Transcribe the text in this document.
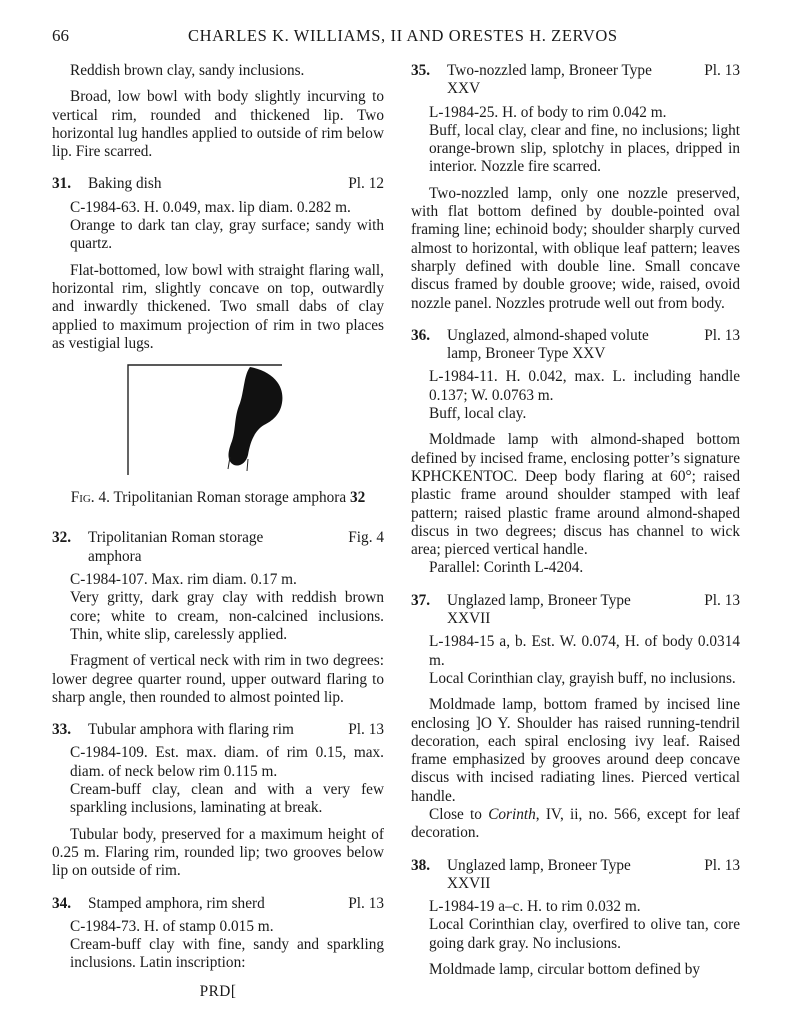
66	CHARLES K. WILLIAMS, II AND ORESTES H. ZERVOS

Reddish brown clay, sandy inclusions.

Broad, low bowl with body slightly incurving to vertical rim, rounded and thickened lip. Two horizontal lug handles applied to outside of rim below lip. Fire scarred.

31. Baking dish	Pl. 12

C-1984-63. H. 0.049, max. lip diam. 0.282 m.

Orange to dark tan clay, gray surface; sandy with quartz.

Flat-bottomed, low bowl with straight flaring wall, horizontal rim, slightly concave on top, outwardly and inwardly thickened. Two small dabs of clay applied to maximum projection of rim in two places as vestigial lugs.

Fig. 4. Tripolitanian Roman storage amphora 32

32. Tripolitanian Roman storage	Fig. 4

amphora

C-1984-107. Max. rim diam. 0.17 m.

Very gritty, dark gray clay with reddish brown core; white to cream, non-calcined inclusions. Thin, white slip, carelessly applied.

Fragment of vertical neck with rim in two degrees: lower degree quarter round, upper outward flaring to sharp angle, then rounded to almost pointed lip.

33. Tubular amphora with flaring rim	Pl. 13

C-1984-109. Est. max. diam. of rim 0.15, max. diam. of neck below rim 0.115 m.

Cream-buff clay, clean and with a very few sparkling inclusions, laminating at break.

Tubular body, preserved for a maximum height of 0.25 m. Flaring rim, rounded lip; two grooves below lip on outside of rim.

34. Stamped amphora, rim sherd	Pl. 13

C-1984-73. H. of stamp 0.015 m.

Cream-buff clay with fine, sandy and sparkling inclusions. Latin inscription:

PRD[

35. Two-nozzled lamp, Broneer Type	Pl. 13

XXV

L-1984-25. H. of body to rim 0.042 m.

Buff, local clay, clear and fine, no inclusions; light orange-brown slip, splotchy in places, dripped in interior. Nozzle fire scarred.

Two-nozzled lamp, only one nozzle preserved, with flat bottom defined by double-pointed oval framing line; echinoid body; shoulder sharply curved almost to horizontal, with oblique leaf pattern; leaves sharply defined with double line. Small concave discus framed by double groove; wide, raised, ovoid nozzle panel. Nozzles protrude well out from body.

36. Unglazed, almond-shaped volute	Pl. 13

lamp, Broneer Type XXV

L-1984-11. H. 0.042, max. L. including handle 0.137; W. 0.0763 m.

Buff, local clay.

Moldmade lamp with almond-shaped bottom defined by incised frame, enclosing potter’s signature ΚΡΗCΚΕΝΤΟC. Deep body flaring at 60°; raised plastic frame around shoulder stamped with leaf pattern; raised plastic frame around almond-shaped discus in two degrees; discus has channel to wick area; pierced vertical handle.

Parallel: Corinth L-4204.

37. Unglazed lamp, Broneer Type	Pl. 13

XXVII

L-1984-15 a, b. Est. W. 0.074, H. of body 0.0314 m.

Local Corinthian clay, grayish buff, no inclusions.

Moldmade lamp, bottom framed by incised line enclosing ]Ο Υ. Shoulder has raised running-tendril decoration, each spiral enclosing ivy leaf. Raised frame emphasized by grooves around deep concave discus with incised radiating lines. Pierced vertical handle.

Close to Corinth, IV, ii, no. 566, except for leaf decoration.

38. Unglazed lamp, Broneer Type	Pl. 13

XXVII

L-1984-19 a–c. H. to rim 0.032 m.

Local Corinthian clay, overfired to olive tan, core going dark gray. No inclusions.

Moldmade lamp, circular bottom defined by
